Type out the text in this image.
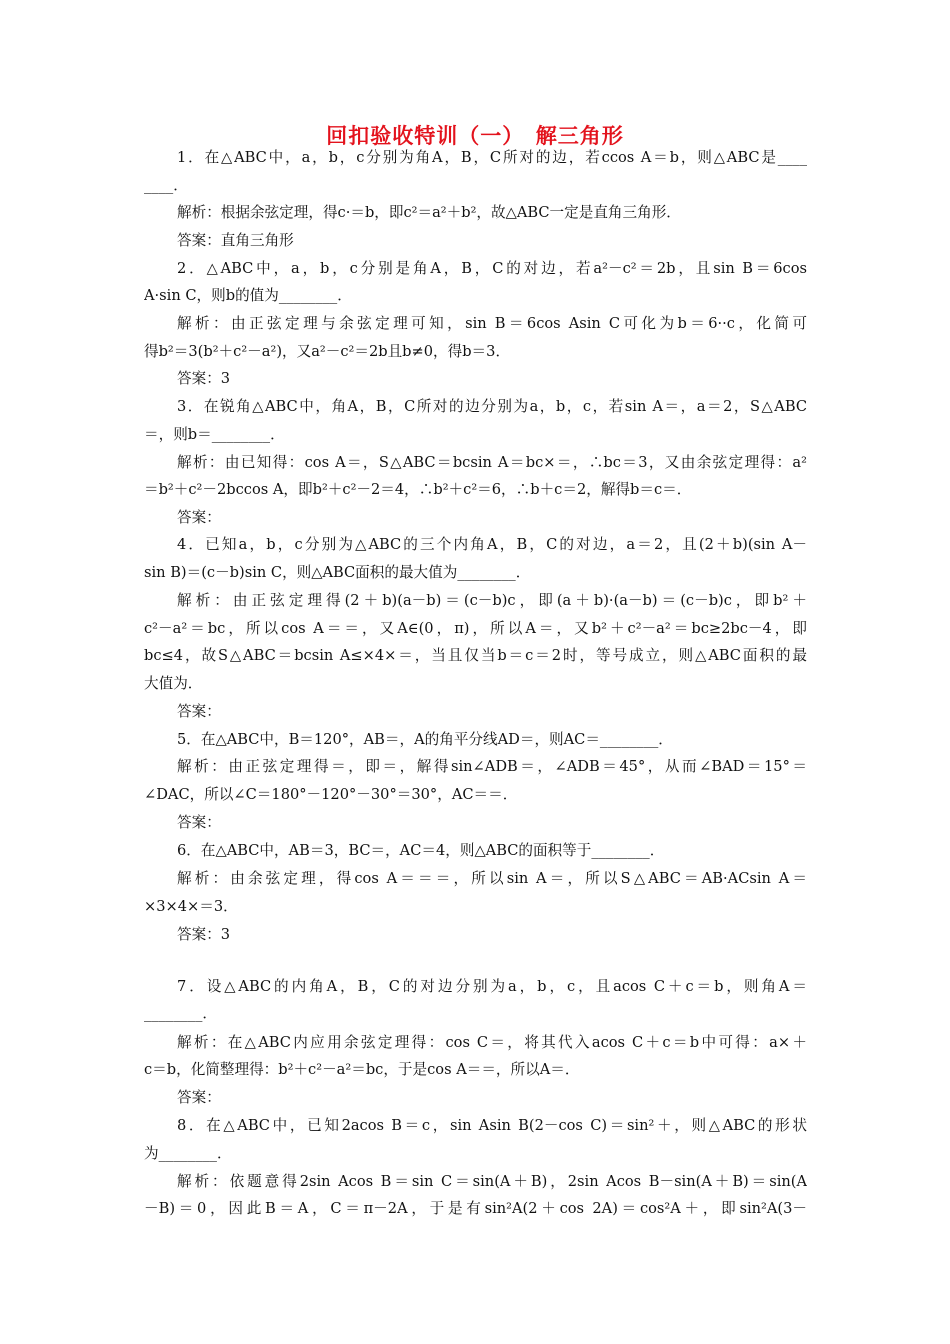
回扣验收特训（一）　解三角形
1．在△ABC中，a，b，c分别为角A，B，C所对的边，若ccos A＝b，则△ABC是____
____．
解析：根据余弦定理，得c·＝b，即c²＝a²＋b²，故△ABC一定是直角三角形．
答案：直角三角形
2．△ABC中，a，b，c分别是角A，B，C的对边，若a²－c²＝2b，且sin B＝6cos
A·sin C，则b的值为________．
解析：由正弦定理与余弦定理可知，sin B＝6cos Asin C可化为b＝6··c，化简可
得b²＝3(b²＋c²－a²)，又a²－c²＝2b且b≠0，得b＝3．
答案：3
3．在锐角△ABC中，角A，B，C所对的边分别为a，b，c，若sin A＝，a＝2，S△ABC
＝，则b＝________．
解析：由已知得：cos A＝，S△ABC＝bcsin A＝bc×＝，∴bc＝3，又由余弦定理得：a²
＝b²＋c²－2bccos A，即b²＋c²－2＝4，∴b²＋c²＝6，∴b＋c＝2，解得b＝c＝．
答案：
4．已知a，b，c分别为△ABC的三个内角A，B，C的对边，a＝2，且(2＋b)(sin A－
sin B)＝(c－b)sin C，则△ABC面积的最大值为________．
解析：由正弦定理得(2＋b)(a－b)＝(c－b)c，即(a＋b)·(a－b)＝(c－b)c，即b²＋
c²－a²＝bc，所以cos A＝＝，又A∈(0，π)，所以A＝，又b²＋c²－a²＝bc≥2bc－4，即
bc≤4，故S△ABC＝bcsin A≤×4×＝，当且仅当b＝c＝2时，等号成立，则△ABC面积的最
大值为．
答案：
5．在△ABC中，B＝120°，AB＝，A的角平分线AD＝，则AC＝________．
解析：由正弦定理得＝，即＝，解得sin∠ADB＝，∠ADB＝45°，从而∠BAD＝15°＝
∠DAC，所以∠C＝180°－120°－30°＝30°，AC＝＝．
答案：
6．在△ABC中，AB＝3，BC＝，AC＝4，则△ABC的面积等于________．
解析：由余弦定理，得cos A＝＝＝，所以sin A＝，所以S△ABC＝AB·ACsin A＝
×3×4×＝3．
答案：3
7．设△ABC的内角A，B，C的对边分别为a，b，c，且acos C＋c＝b，则角A＝
________．
解析：在△ABC内应用余弦定理得：cos C＝，将其代入acos C＋c＝b中可得：a×＋
c＝b，化简整理得：b²＋c²－a²＝bc，于是cos A＝＝，所以A＝．
答案：
8．在△ABC中，已知2acos B＝c，sin Asin B(2－cos C)＝sin²＋，则△ABC的形状
为________．
解析：依题意得2sin Acos B＝sin C＝sin(A＋B)，2sin Acos B－sin(A＋B)＝sin(A
－B)＝0，因此B＝A，C＝π－2A，于是有sin²A(2＋cos 2A)＝cos²A＋，即sin²A(3－
